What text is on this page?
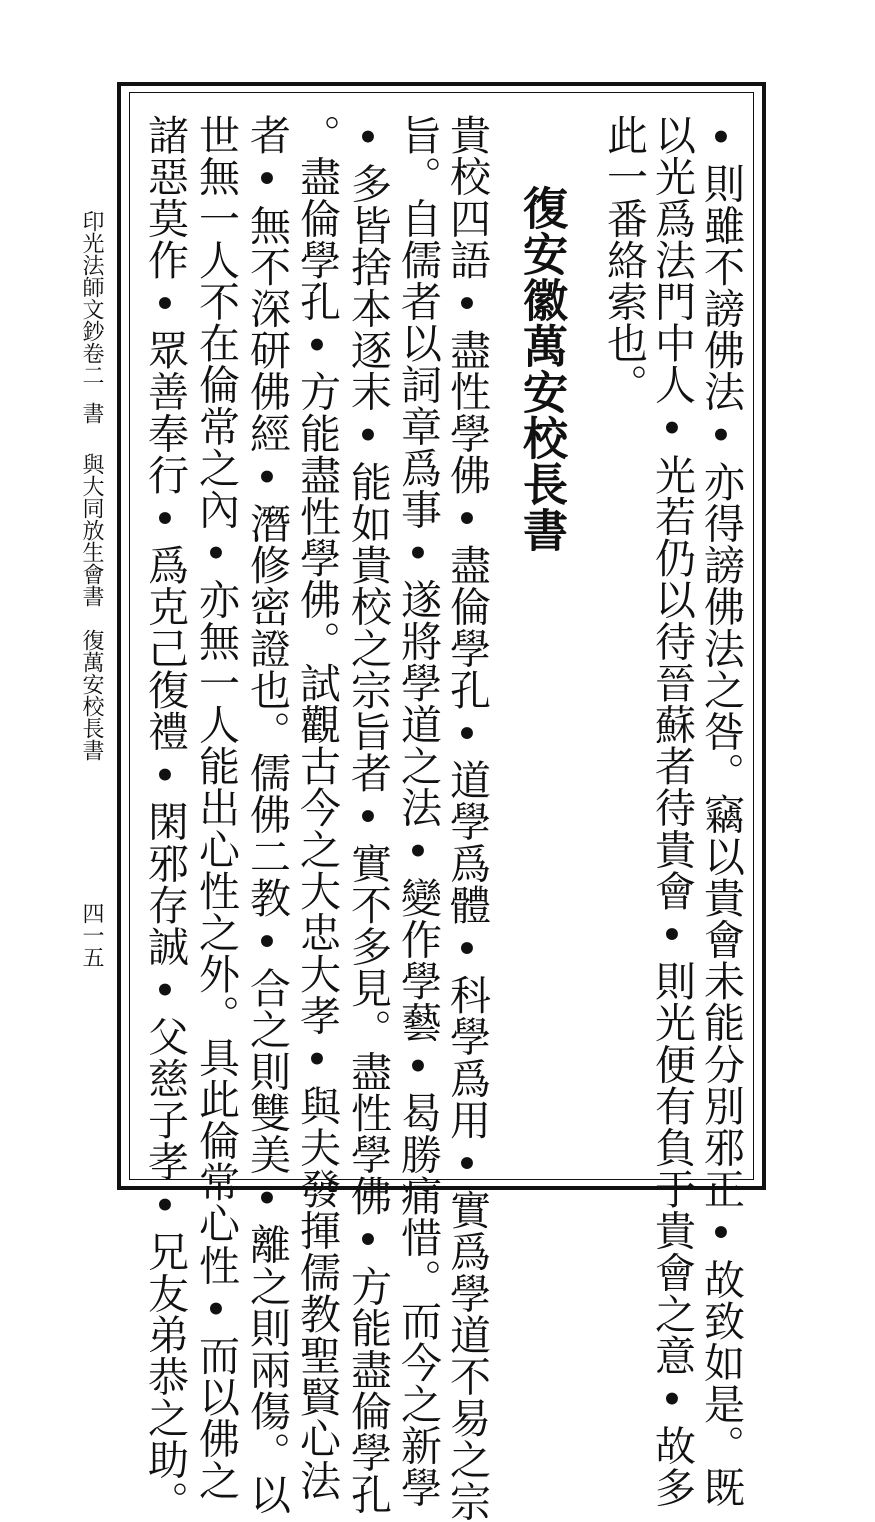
•則雖不謗佛法•亦得謗佛法之咎。竊以貴會未能分別邪正•故致如是。既
以光爲法門中人•光若仍以待晉蘇者待貴會•則光便有負于貴會之意•故多
此一番絡索也。
復安徽萬安校長書
貴校四語•盡性學佛•盡倫學孔•道學爲體•科學爲用•實爲學道不易之宗
旨。自儒者以詞章爲事•遂將學道之法•變作學藝•曷勝痛惜。而今之新學
•多皆捨本逐末•能如貴校之宗旨者•實不多見。盡性學佛•方能盡倫學孔
。盡倫學孔•方能盡性學佛。試觀古今之大忠大孝•與夫發揮儒教聖賢心法
者•無不深研佛經•潛修密證也。儒佛二教•合之則雙美•離之則兩傷。以
世無一人不在倫常之內•亦無一人能出心性之外。具此倫常心性•而以佛之
諸惡莫作•眾善奉行•爲克己復禮•閑邪存誠•父慈子孝•兄友弟恭之助。
印光法師文鈔卷二
書
與大同放生會書　復萬安校長書
四一五
